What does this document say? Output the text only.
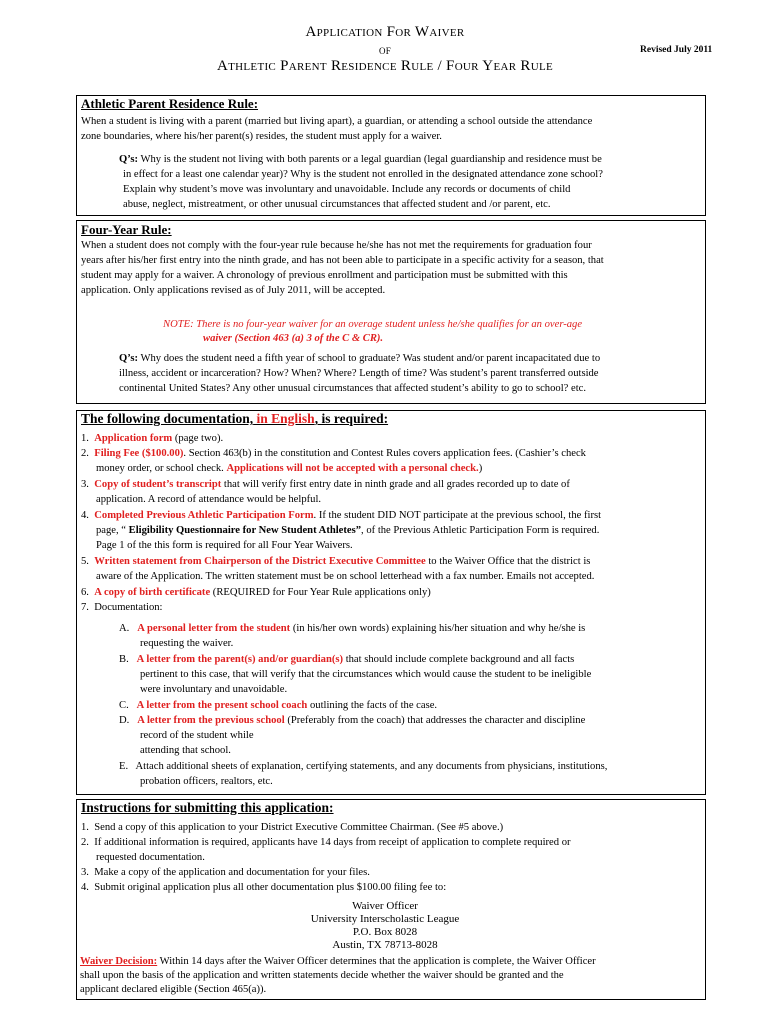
Application For Waiver
of
Athletic Parent Residence Rule / Four Year Rule
Revised July 2011
Athletic Parent Residence Rule:
When a student is living with a parent (married but living apart), a guardian, or attending a school outside the attendance
zone boundaries, where his/her parent(s) resides, the student must apply for a waiver.
Q’s: Why is the student not living with both parents or a legal guardian (legal guardianship and residence must be
in effect for a least one calendar year)? Why is the student not enrolled in the designated attendance zone school?
Explain why student’s move was involuntary and unavoidable. Include any records or documents of child
abuse, neglect, mistreatment, or other unusual circumstances that affected student and /or parent, etc.
Four-Year Rule:
When a student does not comply with the four-year rule because he/she has not met the requirements for graduation four
years after his/her first entry into the ninth grade, and has not been able to participate in a specific activity for a season, that
student may apply for a waiver. A chronology of previous enrollment and participation must be submitted with this
application. Only applications revised as of July 2011, will be accepted.
NOTE: There is no four-year waiver for an overage student unless he/she qualifies for an over-age
waiver (Section 463 (a) 3 of the C & CR).
Q’s: Why does the student need a fifth year of school to graduate? Was student and/or parent incapacitated due to
illness, accident or incarceration? How? When? Where? Length of time? Was student’s parent transferred outside
continental United States? Any other unusual circumstances that affected student’s ability to go to school? etc.
The following documentation, in English, is required:
1. Application form (page two).
2. Filing Fee ($100.00). Section 463(b) in the constitution and Contest Rules covers application fees. (Cashier’s check
money order, or school check. Applications will not be accepted with a personal check.)
3. Copy of student’s transcript that will verify first entry date in ninth grade and all grades recorded up to date of
application. A record of attendance would be helpful.
4. Completed Previous Athletic Participation Form. If the student DID NOT participate at the previous school, the first
page, “ Eligibility Questionnaire for New Student Athletes”, of the Previous Athletic Participation Form is required.
Page 1 of the this form is required for all Four Year Waivers.
5. Written statement from Chairperson of the District Executive Committee to the Waiver Office that the district is
aware of the Application. The written statement must be on school letterhead with a fax number. Emails not accepted.
6. A copy of birth certificate (REQUIRED for Four Year Rule applications only)
7. Documentation:
A. A personal letter from the student (in his/her own words) explaining his/her situation and why he/she is
requesting the waiver.
B. A letter from the parent(s) and/or guardian(s) that should include complete background and all facts
pertinent to this case, that will verify that the circumstances which would cause the student to be ineligible
were involuntary and unavoidable.
C. A letter from the present school coach outlining the facts of the case.
D. A letter from the previous school (Preferably from the coach) that addresses the character and discipline
record of the student while
attending that school.
E. Attach additional sheets of explanation, certifying statements, and any documents from physicians, institutions,
probation officers, realtors, etc.
Instructions for submitting this application:
1. Send a copy of this application to your District Executive Committee Chairman. (See #5 above.)
2. If additional information is required, applicants have 14 days from receipt of application to complete required or
requested documentation.
3. Make a copy of the application and documentation for your files.
4. Submit original application plus all other documentation plus $100.00 filing fee to:
Waiver Officer
University Interscholastic League
P.O. Box 8028
Austin, TX 78713-8028
Waiver Decision: Within 14 days after the Waiver Officer determines that the application is complete, the Waiver Officer
shall upon the basis of the application and written statements decide whether the waiver should be granted and the
applicant declared eligible (Section 465(a)).
